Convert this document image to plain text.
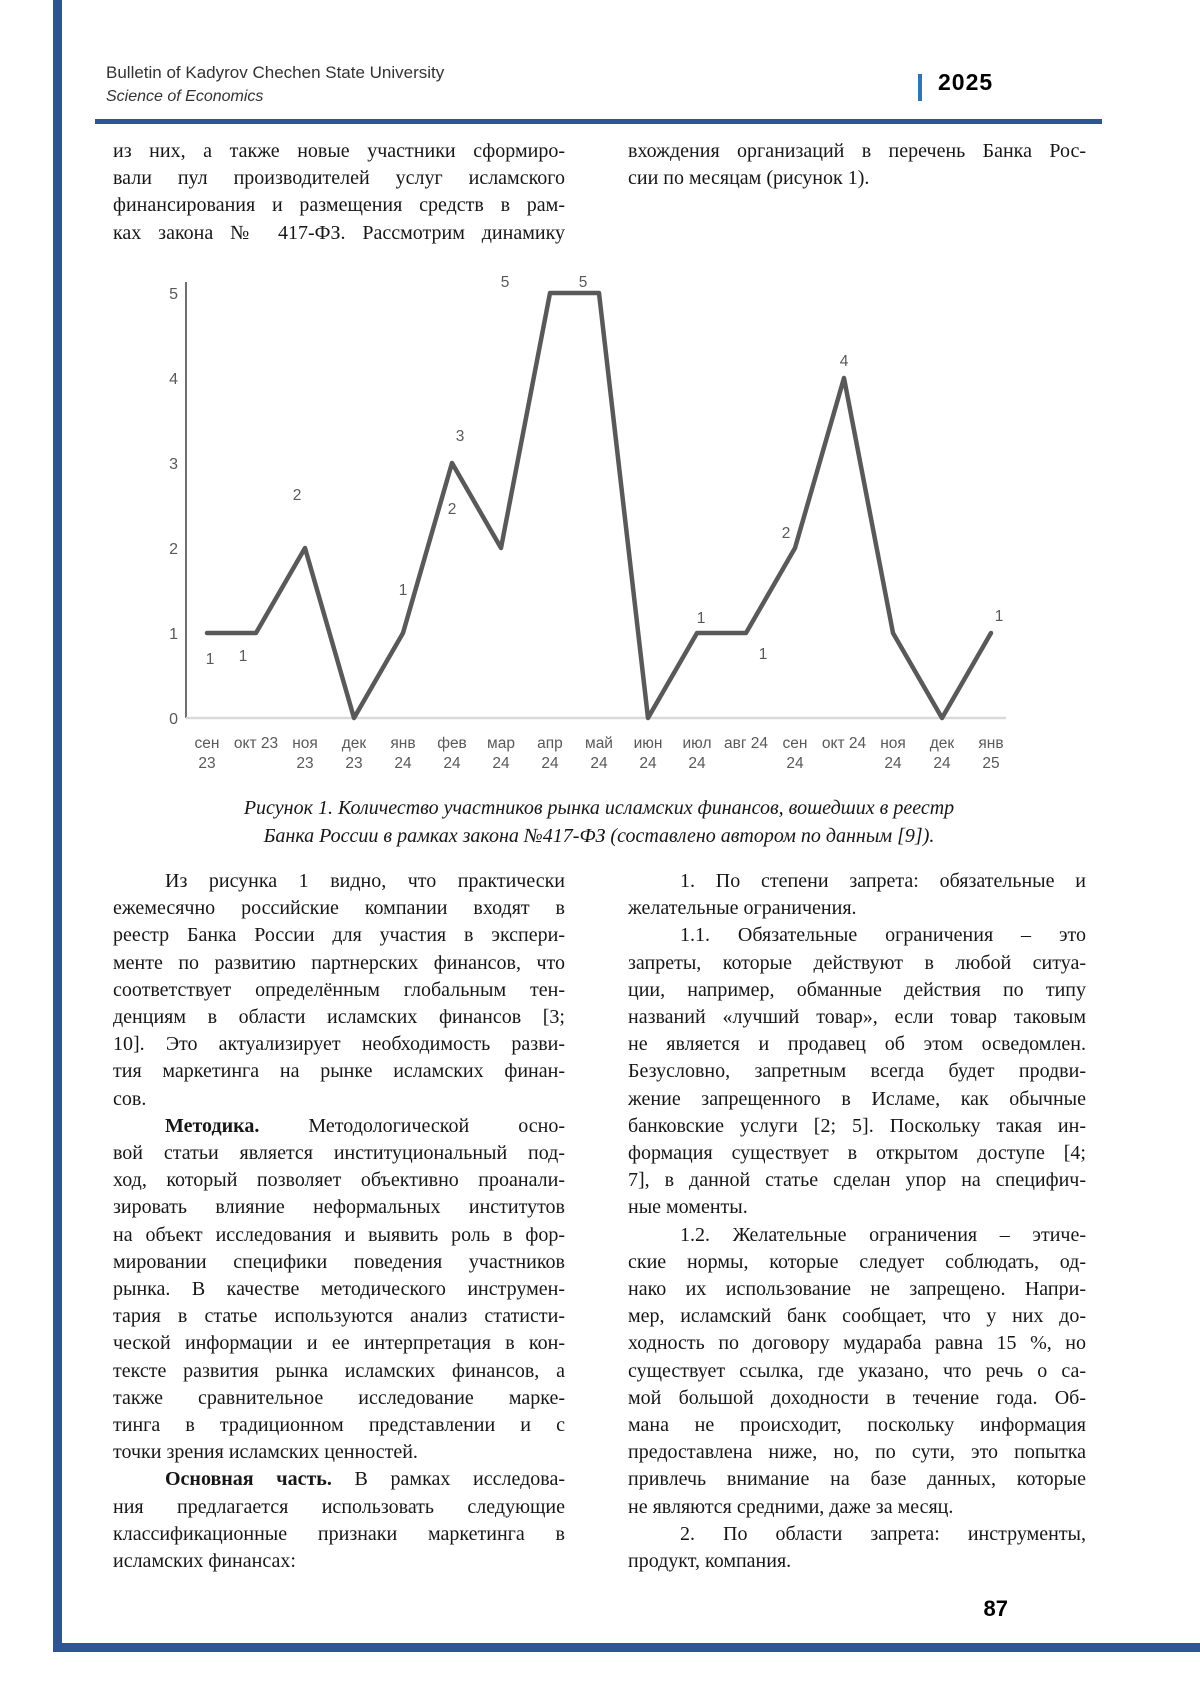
Bulletin of Kadyrov Chechen State University
Science of Economics
2025
из них, а также новые участники сформиро-
вали пул производителей услуг исламского
финансирования и размещения средств в рам-
ках закона № 417-ФЗ. Рассмотрим динамику
вхождения организаций в перечень Банка Рос-
сии по месяцам (рисунок 1).
0
1
2
3
4
5
1 1
2
1
3
2
5	5
1
1
2
4
1
сен
23
окт 23 ноя
23
дек
23
янв
24
фев
24
мар
24
апр
24
май
24
июн
24
июл
24
авг 24 сен
24
окт 24 ноя
24
дек
24
янв
25
Рисунок 1. Количество участников рынка исламских финансов, вошедших в реестр
Банка России в рамках закона №417-ФЗ (составлено автором по данным [9]).
Из рисунка 1 видно, что практически
ежемесячно российские компании входят в
реестр Банка России для участия в экспери-
менте по развитию партнерских финансов, что
соответствует определённым глобальным тен-
денциям в области исламских финансов [3;
10]. Это актуализирует необходимость разви-
тия маркетинга на рынке исламских финан-
сов.
Методика. Методологической осно-
вой статьи является институциональный под-
ход, который позволяет объективно проанали-
зировать влияние неформальных институтов
на объект исследования и выявить роль в фор-
мировании специфики поведения участников
рынка. В качестве методического инструмен-
тария в статье используются анализ статисти-
ческой информации и ее интерпретация в кон-
тексте развития рынка исламских финансов, а
также сравнительное исследование марке-
тинга в традиционном представлении и с
точки зрения исламских ценностей.
Основная часть. В рамках исследова-
ния предлагается использовать следующие
классификационные признаки маркетинга в
исламских финансах:
1. По степени запрета: обязательные и
желательные ограничения.
1.1. Обязательные ограничения – это
запреты, которые действуют в любой ситуа-
ции, например, обманные действия по типу
названий «лучший товар», если товар таковым
не является и продавец об этом осведомлен.
Безусловно, запретным всегда будет продви-
жение запрещенного в Исламе, как обычные
банковские услуги [2; 5]. Поскольку такая ин-
формация существует в открытом доступе [4;
7], в данной статье сделан упор на специфич-
ные моменты.
1.2. Желательные ограничения – этиче-
ские нормы, которые следует соблюдать, од-
нако их использование не запрещено. Напри-
мер, исламский банк сообщает, что у них до-
ходность по договору мудараба равна 15 %, но
существует ссылка, где указано, что речь о са-
мой большой доходности в течение года. Об-
мана не происходит, поскольку информация
предоставлена ниже, но, по сути, это попытка
привлечь внимание на базе данных, которые
не являются средними, даже за месяц.
2. По области запрета: инструменты,
продукт, компания.
87
